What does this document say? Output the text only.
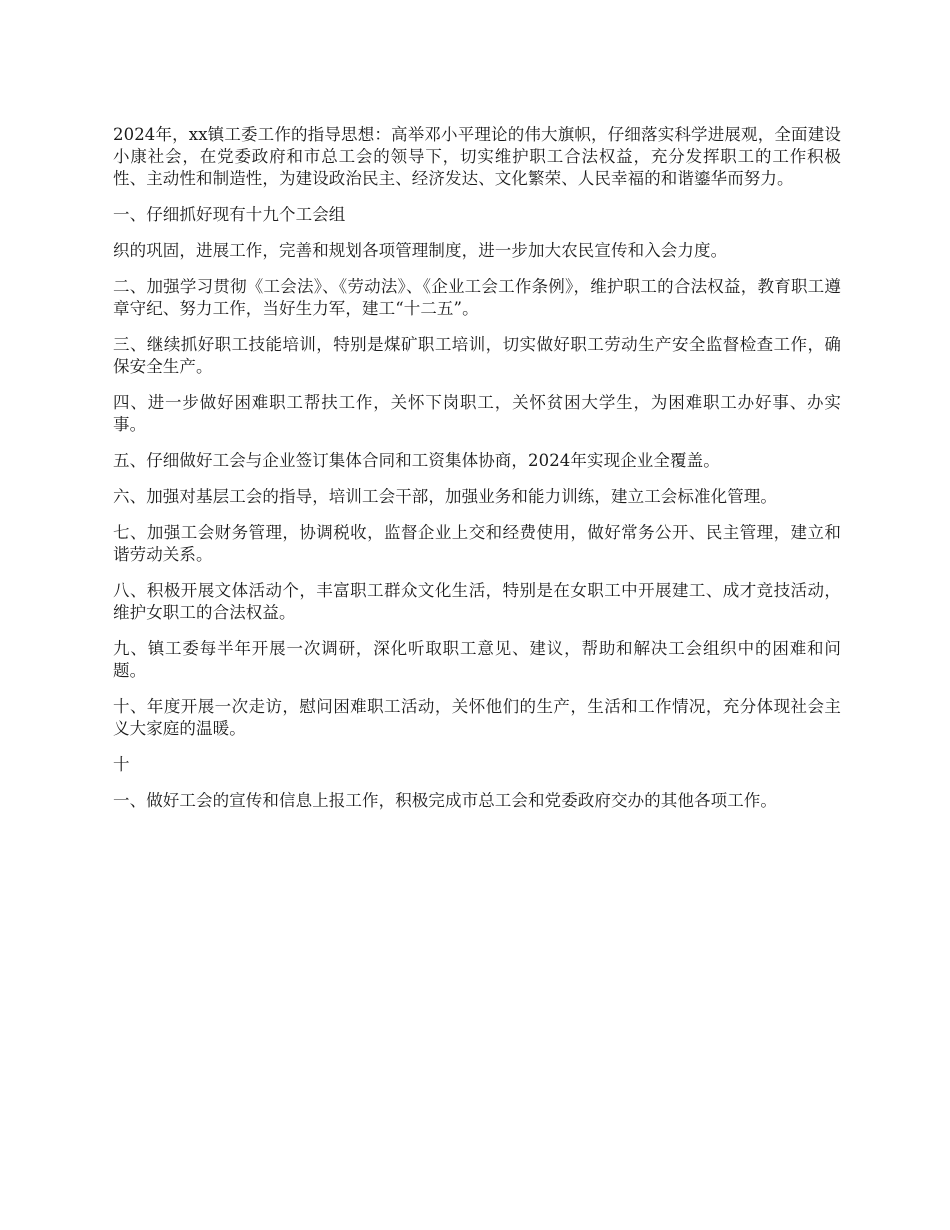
2024年，xx镇工委工作的指导思想：高举邓小平理论的伟大旗帜，仔细落实科学进展观，全面建设小康社会，在党委政府和市总工会的领导下，切实维护职工合法权益，充分发挥职工的工作积极性、主动性和制造性，为建设政治民主、经济发达、文化繁荣、人民幸福的和谐鎏华而努力。

一、仔细抓好现有十九个工会组

织的巩固，进展工作，完善和规划各项管理制度，进一步加大农民宣传和入会力度。

二、加强学习贯彻《工会法》、《劳动法》、《企业工会工作条例》，维护职工的合法权益，教育职工遵章守纪、努力工作，当好生力军，建工“十二五”。

三、继续抓好职工技能培训，特别是煤矿职工培训，切实做好职工劳动生产安全监督检查工作，确保安全生产。

四、进一步做好困难职工帮扶工作，关怀下岗职工，关怀贫困大学生，为困难职工办好事、办实事。

五、仔细做好工会与企业签订集体合同和工资集体协商，2024年实现企业全覆盖。

六、加强对基层工会的指导，培训工会干部，加强业务和能力训练，建立工会标准化管理。

七、加强工会财务管理，协调税收，监督企业上交和经费使用，做好常务公开、民主管理，建立和谐劳动关系。

八、积极开展文体活动个，丰富职工群众文化生活，特别是在女职工中开展建工、成才竞技活动，维护女职工的合法权益。

九、镇工委每半年开展一次调研，深化听取职工意见、建议，帮助和解决工会组织中的困难和问题。

十、年度开展一次走访，慰问困难职工活动，关怀他们的生产，生活和工作情况，充分体现社会主义大家庭的温暖。

十

一、做好工会的宣传和信息上报工作，积极完成市总工会和党委政府交办的其他各项工作。
